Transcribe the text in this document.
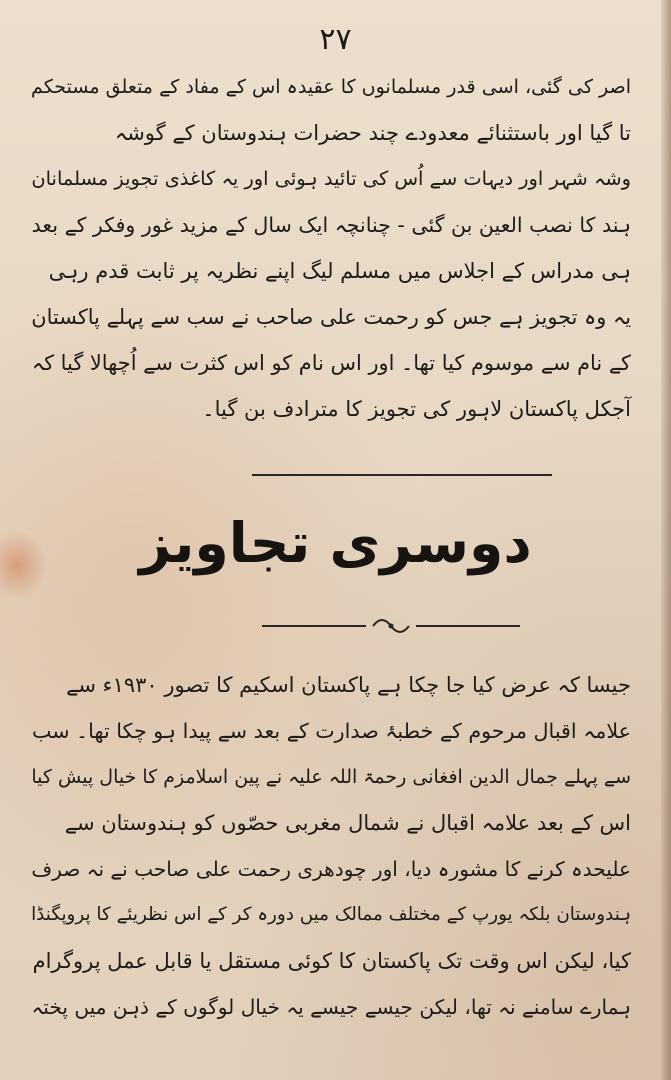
۲۷
اصر کی گئی، اسی قدر مسلمانوں کا عقیدہ اس کے مفاد کے متعلق مستحکم
تا گیا اور باستثنائے معدودے چند حضرات ہندوستان کے گوشہ
وشہ شہر اور دیہات سے اُس کی تائید ہوئی اور یہ کاغذی تجویز مسلمانان
ہند کا نصب العین بن گئی - چنانچہ ایک سال کے مزید غور وفکر کے بعد
ہی مدراس کے اجلاس میں مسلم لیگ اپنے نظریہ پر ثابت قدم رہی
یہ وہ تجویز ہے جس کو رحمت علی صاحب نے سب سے پہلے پاکستان
کے نام سے موسوم کیا تھا۔ اور اس نام کو اس کثرت سے اُچھالا گیا کہ
آجکل پاکستان لاہور کی تجویز کا مترادف بن گیا۔
دوسری تجاویز
جیسا کہ عرض کیا جا چکا ہے پاکستان اسکیم کا تصور ۱۹۳۰ء سے
علامہ اقبال مرحوم کے خطبۂ صدارت کے بعد سے پیدا ہو چکا تھا۔ سب
سے پہلے جمال الدین افغانی رحمۃ اللہ علیہ نے پین اسلامزم کا خیال پیش کیا
اس کے بعد علامہ اقبال نے شمال مغربی حصّوں کو ہندوستان سے
علیحدہ کرنے کا مشورہ دیا، اور چودھری رحمت علی صاحب نے نہ صرف
ہندوستان بلکہ یورپ کے مختلف ممالک میں دورہ کر کے اس نظریئے کا پروپگنڈا
کیا، لیکن اس وقت تک پاکستان کا کوئی مستقل یا قابل عمل پروگرام
ہمارے سامنے نہ تھا، لیکن جیسے جیسے یہ خیال لوگوں کے ذہن میں پختہ
